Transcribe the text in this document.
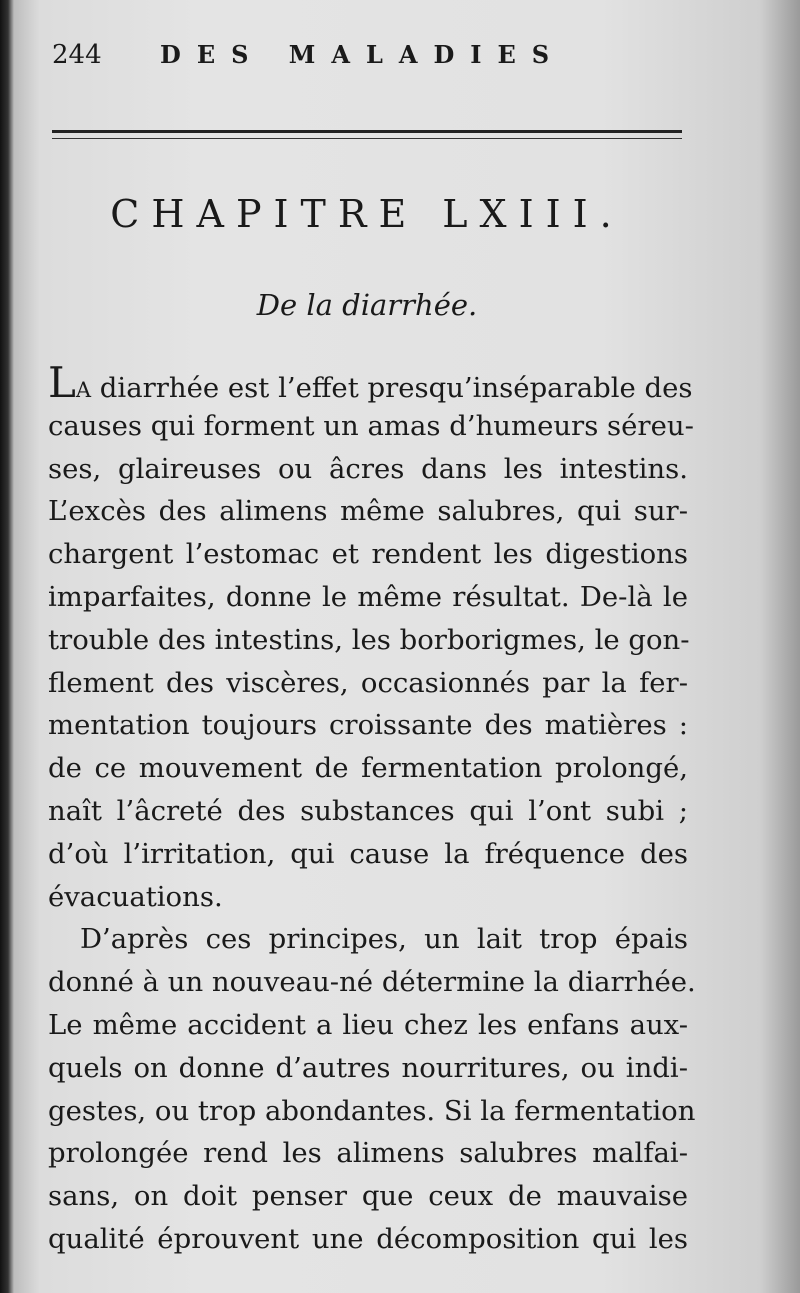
244 DES MALADIES
CHAPITRE LXIII.
De la diarrhée.
LA diarrhée est l’effet presqu’inséparable des
causes qui forment un amas d’humeurs séreu-
ses, glaireuses ou âcres dans les intestins.
L’excès des alimens même salubres, qui sur-
chargent l’estomac et rendent les digestions
imparfaites, donne le même résultat. De-là le
trouble des intestins, les borborigmes, le gon-
flement des viscères, occasionnés par la fer-
mentation toujours croissante des matières :
de ce mouvement de fermentation prolongé,
naît l’âcreté des substances qui l’ont subi ;
d’où l’irritation, qui cause la fréquence des
évacuations.
D’après ces principes, un lait trop épais
donné à un nouveau-né détermine la diarrhée.
Le même accident a lieu chez les enfans aux-
quels on donne d’autres nourritures, ou indi-
gestes, ou trop abondantes. Si la fermentation
prolongée rend les alimens salubres malfai-
sans, on doit penser que ceux de mauvaise
qualité éprouvent une décomposition qui les
